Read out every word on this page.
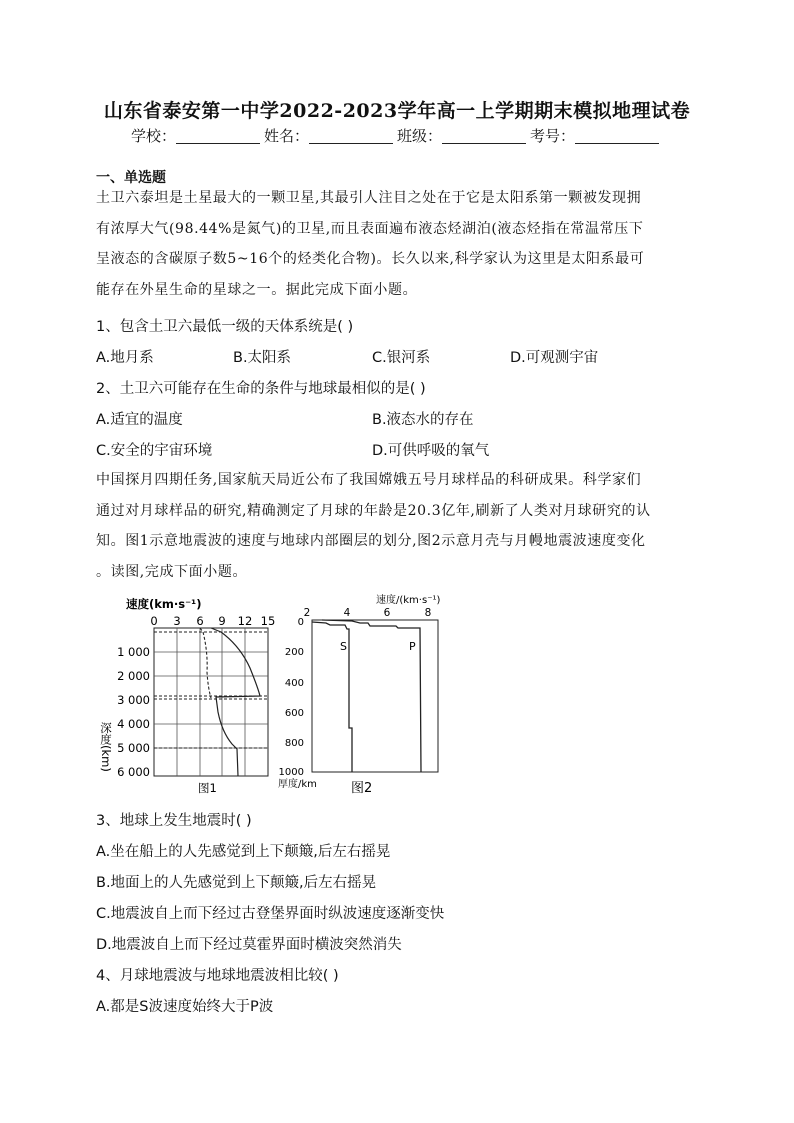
山东省泰安第一中学2022-2023学年高一上学期期末模拟地理试卷
学校：	姓名：	班级：	考号：
一、单选题
土卫六泰坦是土星最大的一颗卫星,其最引人注目之处在于它是太阳系第一颗被发现拥
有浓厚大气(98.44%是氮气)的卫星,而且表面遍布液态烃湖泊(液态烃指在常温常压下
呈液态的含碳原子数5~16个的烃类化合物)。长久以来,科学家认为这里是太阳系最可
能存在外星生命的星球之一。据此完成下面小题。
1、包含土卫六最低一级的天体系统是( )
A.地月系	B.太阳系	C.银河系	D.可观测宇宙
2、土卫六可能存在生命的条件与地球最相似的是( )
A.适宜的温度	B.液态水的存在
C.安全的宇宙环境	D.可供呼吸的氧气
中国探月四期任务,国家航天局近公布了我国嫦娥五号月球样品的科研成果。科学家们
通过对月球样品的研究,精确测定了月球的年龄是20.3亿年,刷新了人类对月球研究的认
知。图1示意地震波的速度与地球内部圈层的划分,图2示意月壳与月幔地震波速度变化
。读图,完成下面小题。
速度(km·s⁻¹)
0 3 6 9 12 15
1 000
2 000
3 000
4 000
5 000
6 000
深度(km)
图1
速度/(km·s⁻¹)
2	4	6	8
0
200
400
600
800
1000
厚度/km
S	P
图2
3、地球上发生地震时( )
A.坐在船上的人先感觉到上下颠簸,后左右摇晃
B.地面上的人先感觉到上下颠簸,后左右摇晃
C.地震波自上而下经过古登堡界面时纵波速度逐渐变快
D.地震波自上而下经过莫霍界面时横波突然消失
4、月球地震波与地球地震波相比较( )
A.都是S波速度始终大于P波
